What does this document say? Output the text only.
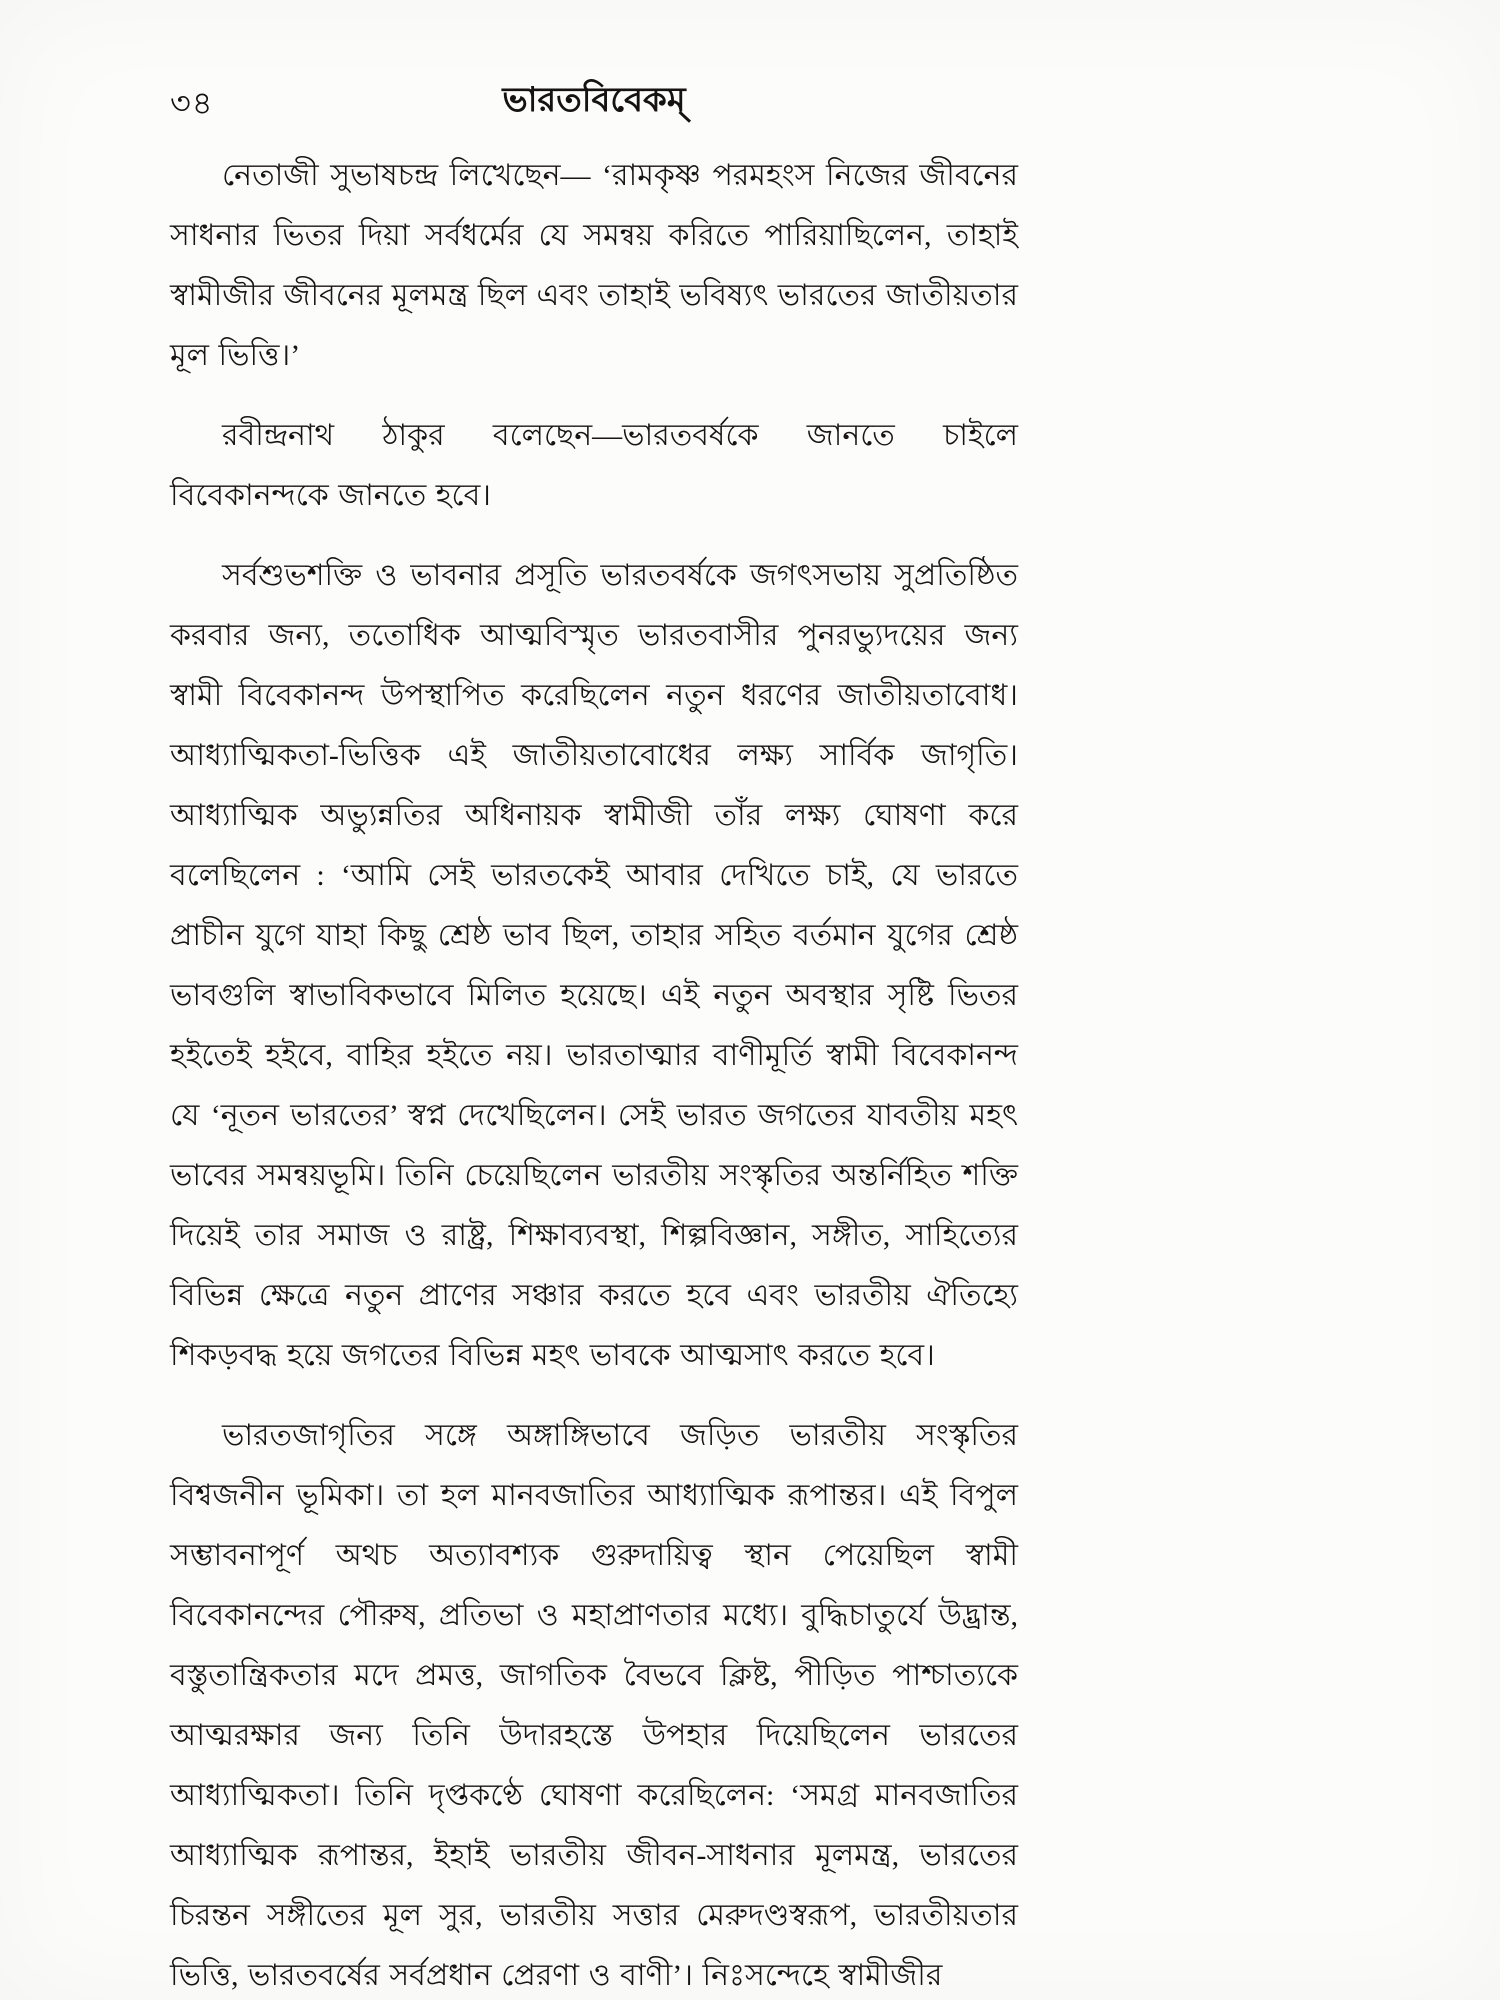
৩৪	ভারতবিবেকম্

নেতাজী সুভাষচন্দ্র লিখেছেন— ‘রামকৃষ্ণ পরমহংস নিজের জীবনের সাধনার ভিতর দিয়া সর্বধর্মের যে সমন্বয় করিতে পারিয়াছিলেন, তাহাই স্বামীজীর জীবনের মূলমন্ত্র ছিল এবং তাহাই ভবিষ্যৎ ভারতের জাতীয়তার মূল ভিত্তি।’

রবীন্দ্রনাথ ঠাকুর বলেছেন—ভারতবর্ষকে জানতে চাইলে বিবেকানন্দকে জানতে হবে।

সর্বশুভশক্তি ও ভাবনার প্রসূতি ভারতবর্ষকে জগৎসভায় সুপ্রতিষ্ঠিত করবার জন্য, ততোধিক আত্মবিস্মৃত ভারতবাসীর পুনরভ্যুদয়ের জন্য স্বামী বিবেকানন্দ উপস্থাপিত করেছিলেন নতুন ধরণের জাতীয়তাবোধ। আধ্যাত্মিকতা-ভিত্তিক এই জাতীয়তাবোধের লক্ষ্য সার্বিক জাগৃতি। আধ্যাত্মিক অভ্যুন্নতির অধিনায়ক স্বামীজী তাঁর লক্ষ্য ঘোষণা করে বলেছিলেন : ‘আমি সেই ভারতকেই আবার দেখিতে চাই, যে ভারতে প্রাচীন যুগে যাহা কিছু শ্রেষ্ঠ ভাব ছিল, তাহার সহিত বর্তমান যুগের শ্রেষ্ঠ ভাবগুলি স্বাভাবিকভাবে মিলিত হয়েছে। এই নতুন অবস্থার সৃষ্টি ভিতর হইতেই হইবে, বাহির হইতে নয়। ভারতাত্মার বাণীমূর্তি স্বামী বিবেকানন্দ যে ‘নূতন ভারতের’ স্বপ্ন দেখেছিলেন। সেই ভারত জগতের যাবতীয় মহৎ ভাবের সমন্বয়ভূমি। তিনি চেয়েছিলেন ভারতীয় সংস্কৃতির অন্তর্নিহিত শক্তি দিয়েই তার সমাজ ও রাষ্ট্র, শিক্ষাব্যবস্থা, শিল্পবিজ্ঞান, সঙ্গীত, সাহিত্যের বিভিন্ন ক্ষেত্রে নতুন প্রাণের সঞ্চার করতে হবে এবং ভারতীয় ঐতিহ্যে শিকড়বদ্ধ হয়ে জগতের বিভিন্ন মহৎ ভাবকে আত্মসাৎ করতে হবে।

ভারতজাগৃতির সঙ্গে অঙ্গাঙ্গিভাবে জড়িত ভারতীয় সংস্কৃতির বিশ্বজনীন ভূমিকা। তা হল মানবজাতির আধ্যাত্মিক রূপান্তর। এই বিপুল সম্ভাবনাপূর্ণ অথচ অত্যাবশ্যক গুরুদায়িত্ব স্থান পেয়েছিল স্বামী বিবেকানন্দের পৌরুষ, প্রতিভা ও মহাপ্রাণতার মধ্যে। বুদ্ধিচাতুর্যে উদ্ভ্রান্ত, বস্তুতান্ত্রিকতার মদে প্রমত্ত, জাগতিক বৈভবে ক্লিষ্ট, পীড়িত পাশ্চাত্যকে আত্মরক্ষার জন্য তিনি উদারহস্তে উপহার দিয়েছিলেন ভারতের আধ্যাত্মিকতা। তিনি দৃপ্তকণ্ঠে ঘোষণা করেছিলেন: ‘সমগ্র মানবজাতির আধ্যাত্মিক রূপান্তর, ইহাই ভারতীয় জীবন-সাধনার মূলমন্ত্র, ভারতের চিরন্তন সঙ্গীতের মূল সুর, ভারতীয় সত্তার মেরুদণ্ডস্বরূপ, ভারতীয়তার ভিত্তি, ভারতবর্ষের সর্বপ্রধান প্রেরণা ও বাণী’। নিঃসন্দেহে স্বামীজীর
